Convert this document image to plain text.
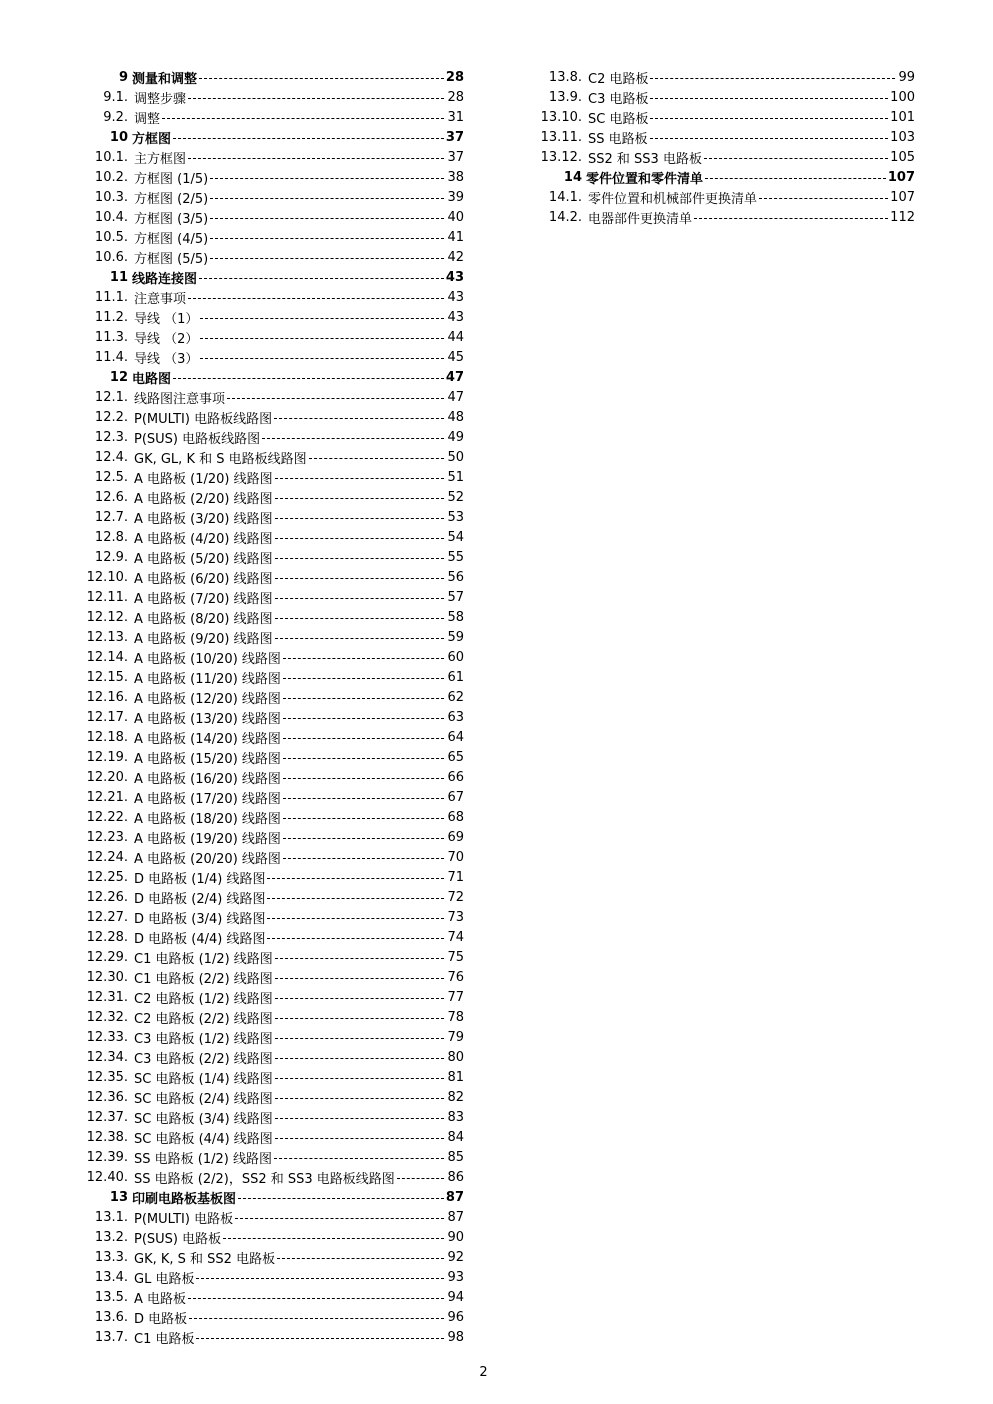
9 测量和调整	28
9.1. 调整步骤	28
9.2. 调整	31
10 方框图	37
10.1. 主方框图	37
10.2. 方框图 (1/5)	38
10.3. 方框图 (2/5)	39
10.4. 方框图 (3/5)	40
10.5. 方框图 (4/5)	41
10.6. 方框图 (5/5)	42
11 线路连接图	43
11.1. 注意事项	43
11.2. 导线 （1）	43
11.3. 导线 （2）	44
11.4. 导线 （3）	45
12 电路图	47
12.1. 线路图注意事项	47
12.2. P(MULTI) 电路板线路图	48
12.3. P(SUS) 电路板线路图	49
12.4. GK, GL, K 和 S 电路板线路图	50
12.5. A 电路板 (1/20) 线路图	51
12.6. A 电路板 (2/20) 线路图	52
12.7. A 电路板 (3/20) 线路图	53
12.8. A 电路板 (4/20) 线路图	54
12.9. A 电路板 (5/20) 线路图	55
12.10. A 电路板 (6/20) 线路图	56
12.11. A 电路板 (7/20) 线路图	57
12.12. A 电路板 (8/20) 线路图	58
12.13. A 电路板 (9/20) 线路图	59
12.14. A 电路板 (10/20) 线路图	60
12.15. A 电路板 (11/20) 线路图	61
12.16. A 电路板 (12/20) 线路图	62
12.17. A 电路板 (13/20) 线路图	63
12.18. A 电路板 (14/20) 线路图	64
12.19. A 电路板 (15/20) 线路图	65
12.20. A 电路板 (16/20) 线路图	66
12.21. A 电路板 (17/20) 线路图	67
12.22. A 电路板 (18/20) 线路图	68
12.23. A 电路板 (19/20) 线路图	69
12.24. A 电路板 (20/20) 线路图	70
12.25. D 电路板 (1/4) 线路图	71
12.26. D 电路板 (2/4) 线路图	72
12.27. D 电路板 (3/4) 线路图	73
12.28. D 电路板 (4/4) 线路图	74
12.29. C1 电路板 (1/2) 线路图	75
12.30. C1 电路板 (2/2) 线路图	76
12.31. C2 电路板 (1/2) 线路图	77
12.32. C2 电路板 (2/2) 线路图	78
12.33. C3 电路板 (1/2) 线路图	79
12.34. C3 电路板 (2/2) 线路图	80
12.35. SC 电路板 (1/4) 线路图	81
12.36. SC 电路板 (2/4) 线路图	82
12.37. SC 电路板 (3/4) 线路图	83
12.38. SC 电路板 (4/4) 线路图	84
12.39. SS 电路板 (1/2) 线路图	85
12.40. SS 电路板 (2/2)，SS2 和 SS3 电路板线路图	86
13 印刷电路板基板图	87
13.1. P(MULTI) 电路板	87
13.2. P(SUS) 电路板	90
13.3. GK, K, S 和 SS2 电路板	92
13.4. GL 电路板	93
13.5. A 电路板	94
13.6. D 电路板	96
13.7. C1 电路板	98
13.8. C2 电路板	99
13.9. C3 电路板	100
13.10. SC 电路板	101
13.11. SS 电路板	103
13.12. SS2 和 SS3 电路板	105
14 零件位置和零件清单	107
14.1. 零件位置和机械部件更换清单	107
14.2. 电器部件更换清单	112
2
